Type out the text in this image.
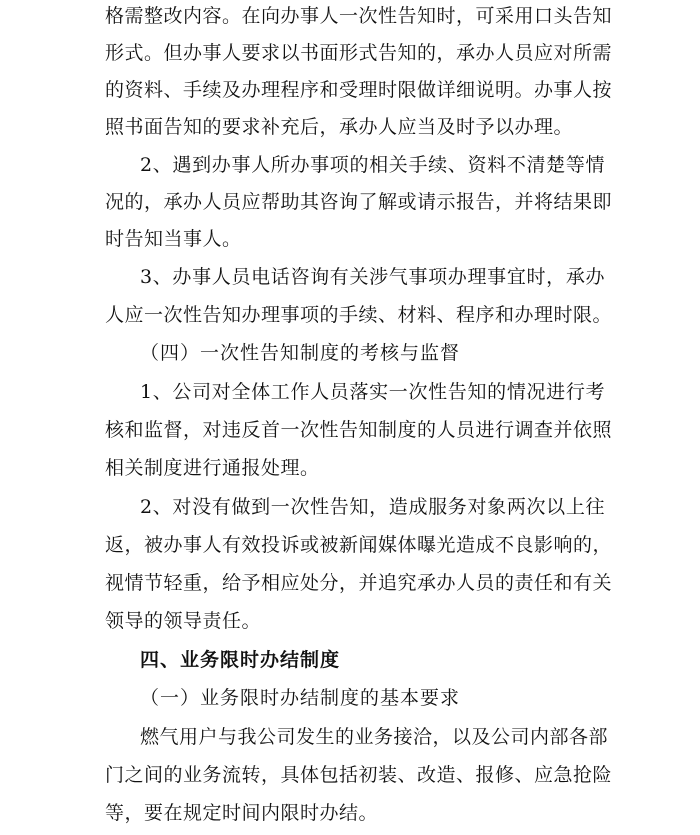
格需整改内容。在向办事人一次性告知时，可采用口头告知
形式。但办事人要求以书面形式告知的，承办人员应对所需
的资料、手续及办理程序和受理时限做详细说明。办事人按
照书面告知的要求补充后，承办人应当及时予以办理。
2、遇到办事人所办事项的相关手续、资料不清楚等情
况的，承办人员应帮助其咨询了解或请示报告，并将结果即
时告知当事人。
3、办事人员电话咨询有关涉气事项办理事宜时，承办
人应一次性告知办理事项的手续、材料、程序和办理时限。
（四）一次性告知制度的考核与监督
1、公司对全体工作人员落实一次性告知的情况进行考
核和监督，对违反首一次性告知制度的人员进行调查并依照
相关制度进行通报处理。
2、对没有做到一次性告知，造成服务对象两次以上往
返，被办事人有效投诉或被新闻媒体曝光造成不良影响的，
视情节轻重，给予相应处分，并追究承办人员的责任和有关
领导的领导责任。
四、业务限时办结制度
（一）业务限时办结制度的基本要求
燃气用户与我公司发生的业务接洽，以及公司内部各部
门之间的业务流转，具体包括初装、改造、报修、应急抢险
等，要在规定时间内限时办结。
